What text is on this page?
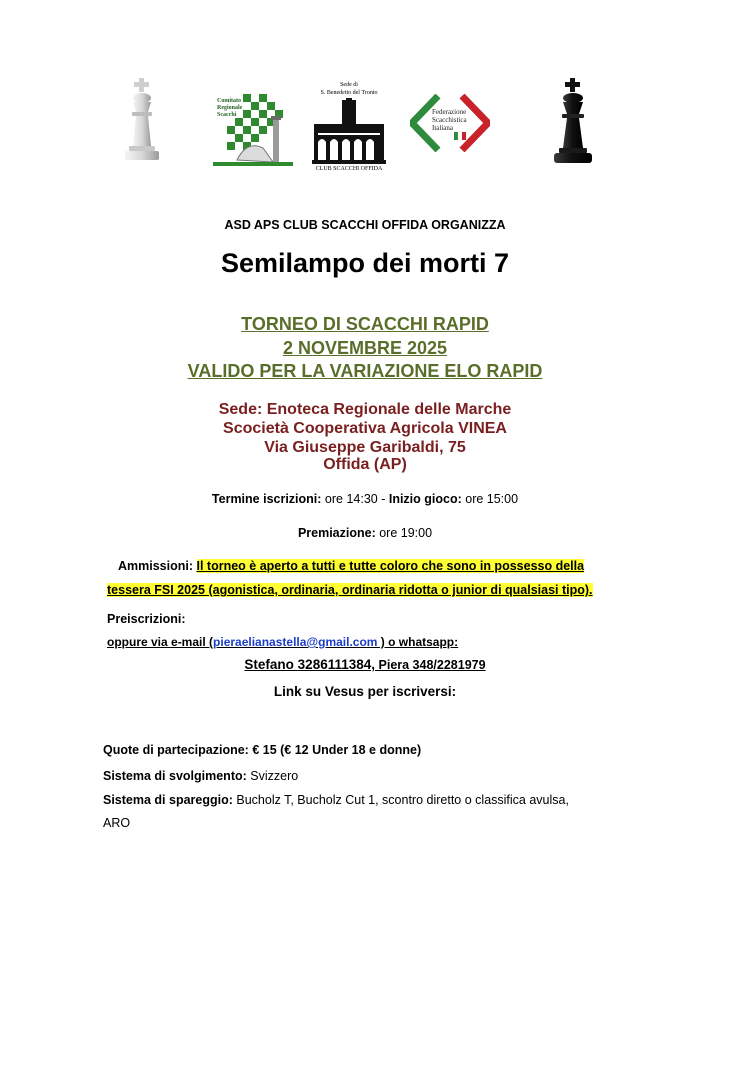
Comitato
Regionale
Scacchi
Sede di
S. Benedetto del Tronto
CLUB SCACCHI OFFIDA
Federazione
Scacchistica
Italiana
ASD APS CLUB SCACCHI OFFIDA ORGANIZZA
Semilampo dei morti 7
TORNEO DI SCACCHI RAPID
2 NOVEMBRE 2025
VALIDO PER LA VARIAZIONE ELO RAPID
Sede: Enoteca Regionale delle Marche
Scocietà Cooperativa Agricola VINEA
Via Giuseppe Garibaldi, 75
Offida (AP)
Termine iscrizioni: ore 14:30 - Inizio gioco: ore 15:00
Premiazione: ore 19:00
Ammissioni: Il torneo è aperto a tutti e tutte coloro che sono in possesso della
tessera FSI 2025 (agonistica, ordinaria, ordinaria ridotta o junior di qualsiasi tipo).
Preiscrizioni:
oppure via e-mail (pieraelianastella@gmail.com ) o whatsapp:
Stefano 3286111384, Piera 348/2281979
Link su Vesus per iscriversi:
Quote di partecipazione: € 15 (€ 12 Under 18 e donne)
Sistema di svolgimento: Svizzero
Sistema di spareggio: Bucholz T, Bucholz Cut 1, scontro diretto o classifica avulsa,
ARO
